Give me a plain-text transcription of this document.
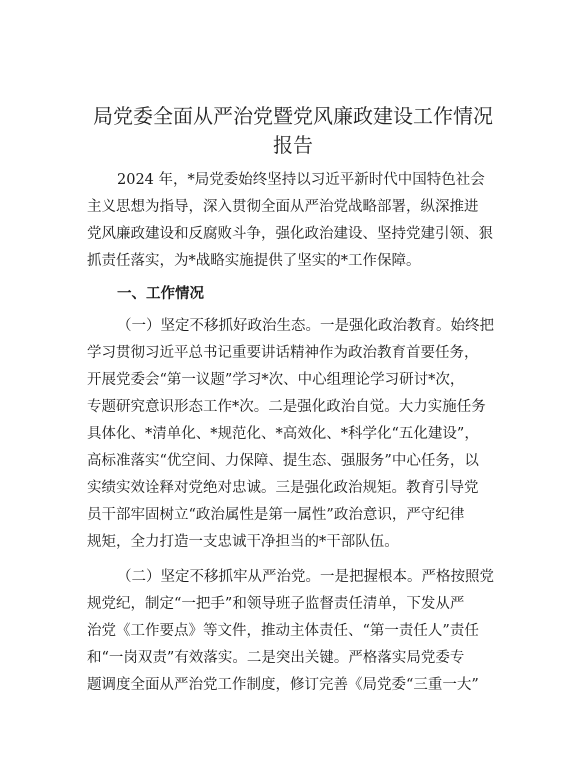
局党委全面从严治党暨党风廉政建设工作情况
报告
2024 年，*局党委始终坚持以习近平新时代中国特色社会
主义思想为指导，深入贯彻全面从严治党战略部署，纵深推进
党风廉政建设和反腐败斗争，强化政治建设、坚持党建引领、狠
抓责任落实，为*战略实施提供了坚实的*工作保障。
一、工作情况
（一）坚定不移抓好政治生态。一是强化政治教育。始终把
学习贯彻习近平总书记重要讲话精神作为政治教育首要任务，
开展党委会“第一议题”学习*次、中心组理论学习研讨*次，
专题研究意识形态工作*次。二是强化政治自觉。大力实施任务
具体化、*清单化、*规范化、*高效化、*科学化“五化建设”，
高标准落实“优空间、力保障、提生态、强服务”中心任务，以
实绩实效诠释对党绝对忠诚。三是强化政治规矩。教育引导党
员干部牢固树立“政治属性是第一属性”政治意识，严守纪律
规矩，全力打造一支忠诚干净担当的*干部队伍。
（二）坚定不移抓牢从严治党。一是把握根本。严格按照党
规党纪，制定“一把手”和领导班子监督责任清单，下发从严
治党《工作要点》等文件，推动主体责任、“第一责任人”责任
和“一岗双责”有效落实。二是突出关键。严格落实局党委专
题调度全面从严治党工作制度，修订完善《局党委“三重一大”
